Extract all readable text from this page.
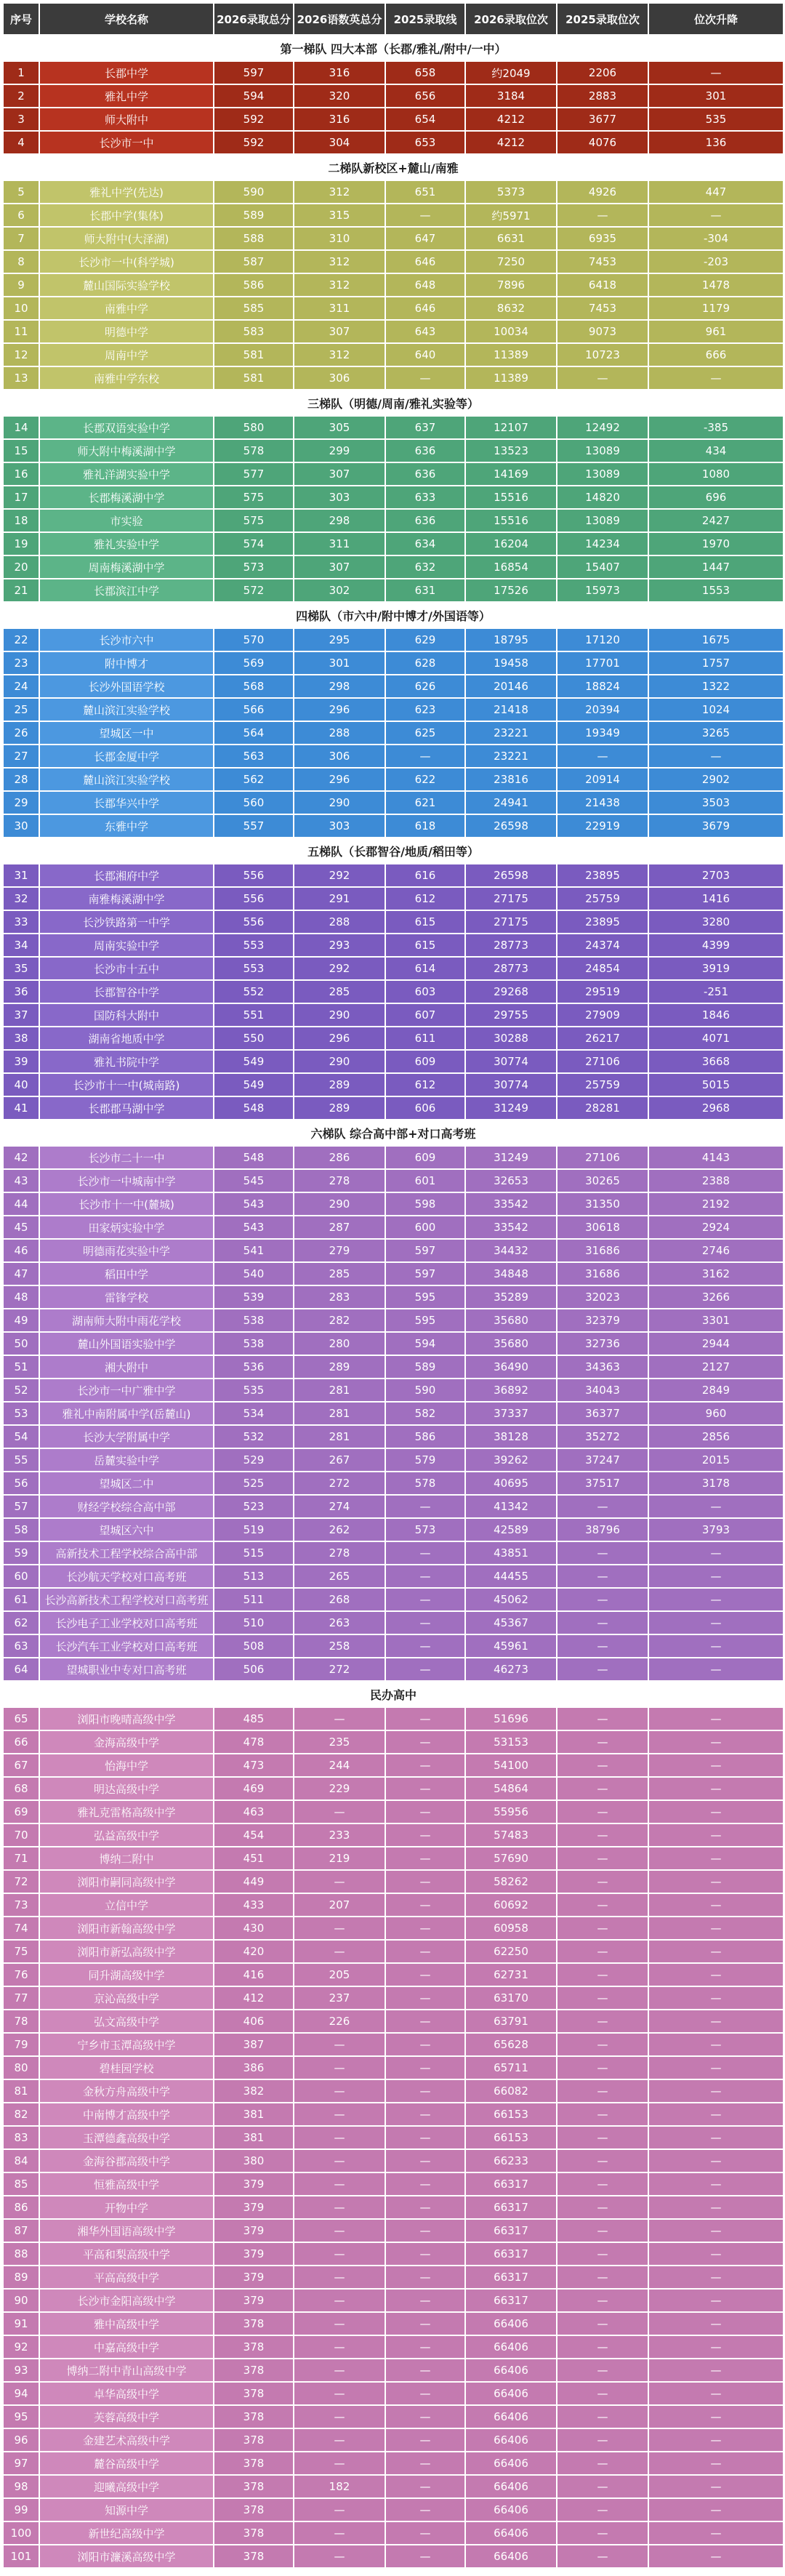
序号	学校名称	2026录取总分	2026语数英总分	2025录取线	2026录取位次	2025录取位次	位次升降
第一梯队 四大本部（长郡/雅礼/附中/一中）							
1	长郡中学	597	316	658	约2049	2206	—
2	雅礼中学	594	320	656	3184	2883	301
3	师大附中	592	316	654	4212	3677	535
4	长沙市一中	592	304	653	4212	4076	136
二梯队新校区+麓山/南雅							
5	雅礼中学(先达)	590	312	651	5373	4926	447
6	长郡中学(集体)	589	315	—	约5971	—	—
7	师大附中(大泽湖)	588	310	647	6631	6935	-304
8	长沙市一中(科学城)	587	312	646	7250	7453	-203
9	麓山国际实验学校	586	312	648	7896	6418	1478
10	南雅中学	585	311	646	8632	7453	1179
11	明德中学	583	307	643	10034	9073	961
12	周南中学	581	312	640	11389	10723	666
13	南雅中学东校	581	306	—	11389	—	—
三梯队（明德/周南/雅礼实验等）							
14	长郡双语实验中学	580	305	637	12107	12492	-385
15	师大附中梅溪湖中学	578	299	636	13523	13089	434
16	雅礼洋湖实验中学	577	307	636	14169	13089	1080
17	长郡梅溪湖中学	575	303	633	15516	14820	696
18	市实验	575	298	636	15516	13089	2427
19	雅礼实验中学	574	311	634	16204	14234	1970
20	周南梅溪湖中学	573	307	632	16854	15407	1447
21	长郡滨江中学	572	302	631	17526	15973	1553
四梯队（市六中/附中博才/外国语等）							
22	长沙市六中	570	295	629	18795	17120	1675
23	附中博才	569	301	628	19458	17701	1757
24	长沙外国语学校	568	298	626	20146	18824	1322
25	麓山滨江实验学校	566	296	623	21418	20394	1024
26	望城区一中	564	288	625	23221	19349	3265
27	长郡金厦中学	563	306	—	23221	—	—
28	麓山滨江实验学校	562	296	622	23816	20914	2902
29	长郡华兴中学	560	290	621	24941	21438	3503
30	东雅中学	557	303	618	26598	22919	3679
五梯队（长郡智谷/地质/稻田等）							
31	长郡湘府中学	556	292	616	26598	23895	2703
32	南雅梅溪湖中学	556	291	612	27175	25759	1416
33	长沙铁路第一中学	556	288	615	27175	23895	3280
34	周南实验中学	553	293	615	28773	24374	4399
35	长沙市十五中	553	292	614	28773	24854	3919
36	长郡智谷中学	552	285	603	29268	29519	-251
37	国防科大附中	551	290	607	29755	27909	1846
38	湖南省地质中学	550	296	611	30288	26217	4071
39	雅礼书院中学	549	290	609	30774	27106	3668
40	长沙市十一中(城南路)	549	289	612	30774	25759	5015
41	长郡郡马湖中学	548	289	606	31249	28281	2968
六梯队 综合高中部+对口高考班							
42	长沙市二十一中	548	286	609	31249	27106	4143
43	长沙市一中城南中学	545	278	601	32653	30265	2388
44	长沙市十一中(麓城)	543	290	598	33542	31350	2192
45	田家炳实验中学	543	287	600	33542	30618	2924
46	明德雨花实验中学	541	279	597	34432	31686	2746
47	稻田中学	540	285	597	34848	31686	3162
48	雷锋学校	539	283	595	35289	32023	3266
49	湖南师大附中雨花学校	538	282	595	35680	32379	3301
50	麓山外国语实验中学	538	280	594	35680	32736	2944
51	湘大附中	536	289	589	36490	34363	2127
52	长沙市一中广雅中学	535	281	590	36892	34043	2849
53	雅礼中南附属中学(岳麓山)	534	281	582	37337	36377	960
54	长沙大学附属中学	532	281	586	38128	35272	2856
55	岳麓实验中学	529	267	579	39262	37247	2015
56	望城区二中	525	272	578	40695	37517	3178
57	财经学校综合高中部	523	274	—	41342	—	—
58	望城区六中	519	262	573	42589	38796	3793
59	高新技术工程学校综合高中部	515	278	—	43851	—	—
60	长沙航天学校对口高考班	513	265	—	44455	—	—
61	长沙高新技术工程学校对口高考班	511	268	—	45062	—	—
62	长沙电子工业学校对口高考班	510	263	—	45367	—	—
63	长沙汽车工业学校对口高考班	508	258	—	45961	—	—
64	望城职业中专对口高考班	506	272	—	46273	—	—
民办高中							
65	浏阳市晚晴高级中学	485	—	—	51696	—	—
66	金海高级中学	478	235	—	53153	—	—
67	怡海中学	473	244	—	54100	—	—
68	明达高级中学	469	229	—	54864	—	—
69	雅礼克雷格高级中学	463	—	—	55956	—	—
70	弘益高级中学	454	233	—	57483	—	—
71	博纳二附中	451	219	—	57690	—	—
72	浏阳市嗣同高级中学	449	—	—	58262	—	—
73	立信中学	433	207	—	60692	—	—
74	浏阳市新翰高级中学	430	—	—	60958	—	—
75	浏阳市新弘高级中学	420	—	—	62250	—	—
76	同升湖高级中学	416	205	—	62731	—	—
77	京沁高级中学	412	237	—	63170	—	—
78	弘文高级中学	406	226	—	63791	—	—
79	宁乡市玉潭高级中学	387	—	—	65628	—	—
80	碧桂园学校	386	—	—	65711	—	—
81	金秋方舟高级中学	382	—	—	66082	—	—
82	中南博才高级中学	381	—	—	66153	—	—
83	玉潭德鑫高级中学	381	—	—	66153	—	—
84	金海谷郡高级中学	380	—	—	66233	—	—
85	恒雅高级中学	379	—	—	66317	—	—
86	开物中学	379	—	—	66317	—	—
87	湘华外国语高级中学	379	—	—	66317	—	—
88	平高和梨高级中学	379	—	—	66317	—	—
89	平高高级中学	379	—	—	66317	—	—
90	长沙市金阳高级中学	379	—	—	66317	—	—
91	雅中高级中学	378	—	—	66406	—	—
92	中嘉高级中学	378	—	—	66406	—	—
93	博纳二附中青山高级中学	378	—	—	66406	—	—
94	卓华高级中学	378	—	—	66406	—	—
95	芙蓉高级中学	378	—	—	66406	—	—
96	金建艺术高级中学	378	—	—	66406	—	—
97	麓谷高级中学	378	—	—	66406	—	—
98	迎曦高级中学	378	182	—	66406	—	—
99	知源中学	378	—	—	66406	—	—
100	新世纪高级中学	378	—	—	66406	—	—
101	浏阳市濂溪高级中学	378	—	—	66406	—	—
